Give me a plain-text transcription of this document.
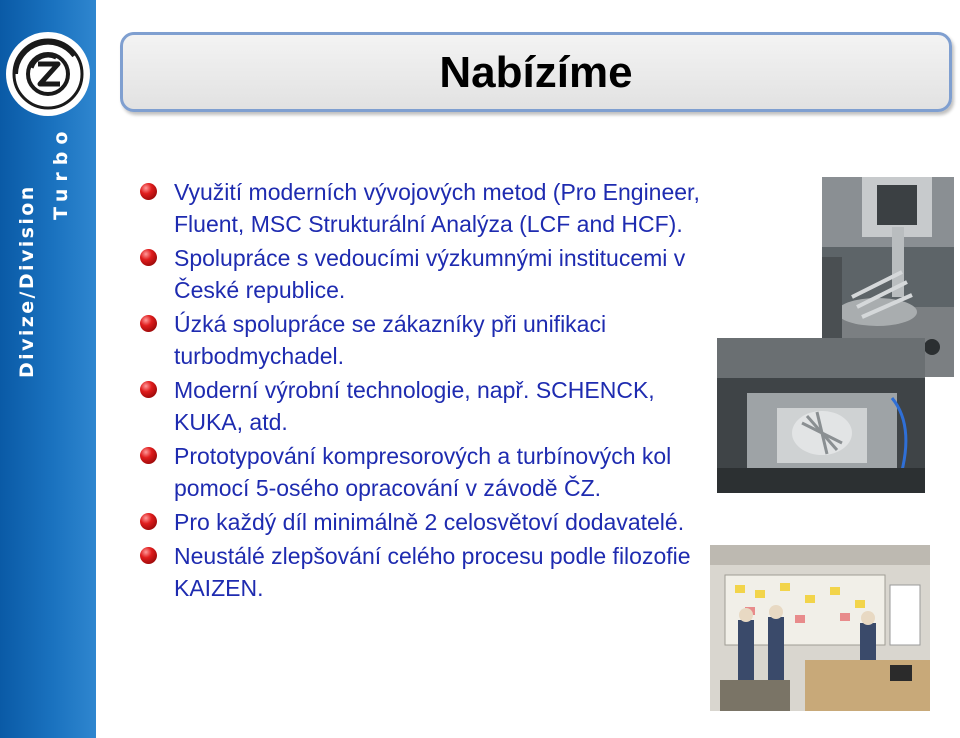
Divize/Division
Turbo
Nabízíme
Využití moderních vývojových metod (Pro Engineer, Fluent, MSC Strukturální Analýza (LCF and HCF).
Spolupráce s vedoucími výzkumnými institucemi v České republice.
Úzká spolupráce se zákazníky při unifikaci turbodmychadel.
Moderní výrobní technologie, např. SCHENCK, KUKA, atd.
Prototypování kompresorových a turbínových kol pomocí 5-osého opracování v závodě ČZ.
Pro každý díl minimálně 2 celosvětoví dodavatelé.
Neustálé zlepšování celého procesu podle filozofie KAIZEN.
